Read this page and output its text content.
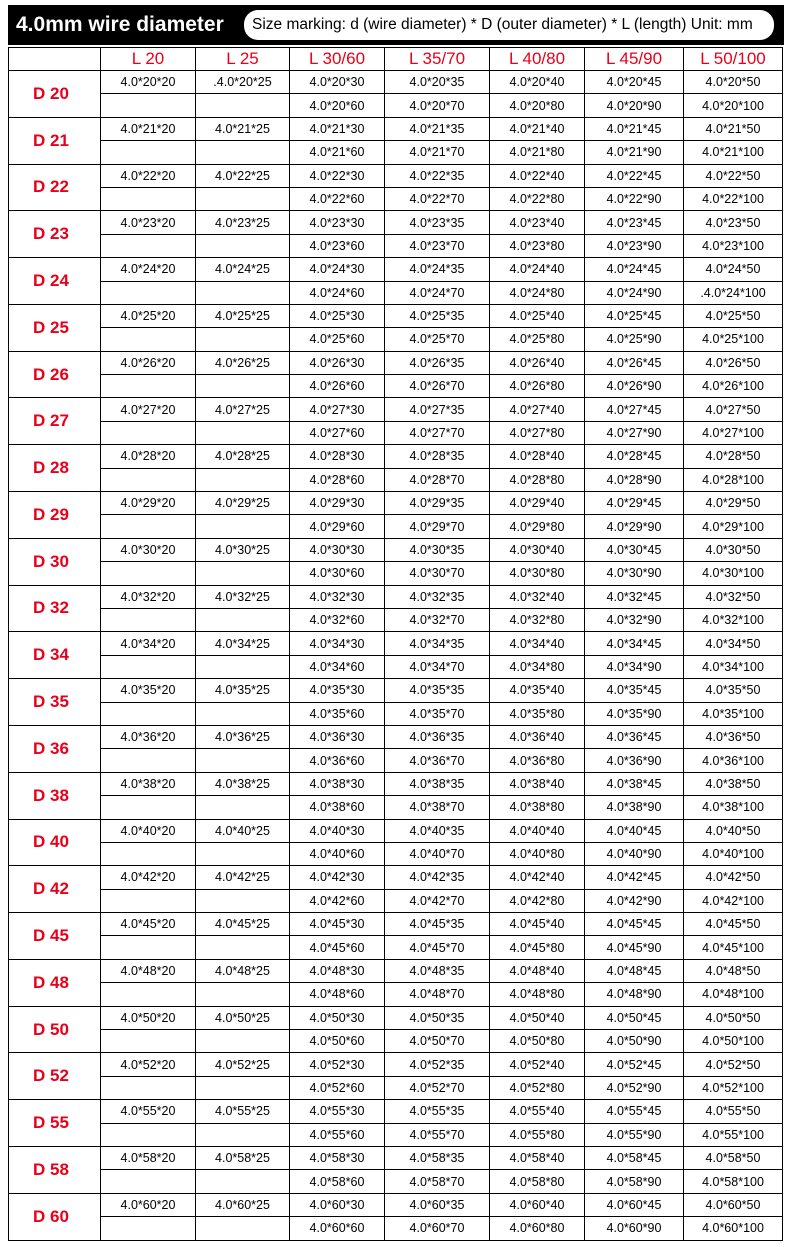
4.0mm wire diameter	Size marking: d (wire diameter) * D (outer diameter) * L (length) Unit: mm
	L 20	L 25	L 30/60	L 35/70	L 40/80	L 45/90	L 50/100
D 20	4.0*20*20	.4.0*20*25	4.0*20*30	4.0*20*35	4.0*20*40	4.0*20*45	4.0*20*50
			4.0*20*60	4.0*20*70	4.0*20*80	4.0*20*90	4.0*20*100
D 21	4.0*21*20	4.0*21*25	4.0*21*30	4.0*21*35	4.0*21*40	4.0*21*45	4.0*21*50
			4.0*21*60	4.0*21*70	4.0*21*80	4.0*21*90	4.0*21*100
D 22	4.0*22*20	4.0*22*25	4.0*22*30	4.0*22*35	4.0*22*40	4.0*22*45	4.0*22*50
			4.0*22*60	4.0*22*70	4.0*22*80	4.0*22*90	4.0*22*100
D 23	4.0*23*20	4.0*23*25	4.0*23*30	4.0*23*35	4.0*23*40	4.0*23*45	4.0*23*50
			4.0*23*60	4.0*23*70	4.0*23*80	4.0*23*90	4.0*23*100
D 24	4.0*24*20	4.0*24*25	4.0*24*30	4.0*24*35	4.0*24*40	4.0*24*45	4.0*24*50
			4.0*24*60	4.0*24*70	4.0*24*80	4.0*24*90	.4.0*24*100
D 25	4.0*25*20	4.0*25*25	4.0*25*30	4.0*25*35	4.0*25*40	4.0*25*45	4.0*25*50
			4.0*25*60	4.0*25*70	4.0*25*80	4.0*25*90	4.0*25*100
D 26	4.0*26*20	4.0*26*25	4.0*26*30	4.0*26*35	4.0*26*40	4.0*26*45	4.0*26*50
			4.0*26*60	4.0*26*70	4.0*26*80	4.0*26*90	4.0*26*100
D 27	4.0*27*20	4.0*27*25	4.0*27*30	4.0*27*35	4.0*27*40	4.0*27*45	4.0*27*50
			4.0*27*60	4.0*27*70	4.0*27*80	4.0*27*90	4.0*27*100
D 28	4.0*28*20	4.0*28*25	4.0*28*30	4.0*28*35	4.0*28*40	4.0*28*45	4.0*28*50
			4.0*28*60	4.0*28*70	4.0*28*80	4.0*28*90	4.0*28*100
D 29	4.0*29*20	4.0*29*25	4.0*29*30	4.0*29*35	4.0*29*40	4.0*29*45	4.0*29*50
			4.0*29*60	4.0*29*70	4.0*29*80	4.0*29*90	4.0*29*100
D 30	4.0*30*20	4.0*30*25	4.0*30*30	4.0*30*35	4.0*30*40	4.0*30*45	4.0*30*50
			4.0*30*60	4.0*30*70	4.0*30*80	4.0*30*90	4.0*30*100
D 32	4.0*32*20	4.0*32*25	4.0*32*30	4.0*32*35	4.0*32*40	4.0*32*45	4.0*32*50
			4.0*32*60	4.0*32*70	4.0*32*80	4.0*32*90	4.0*32*100
D 34	4.0*34*20	4.0*34*25	4.0*34*30	4.0*34*35	4.0*34*40	4.0*34*45	4.0*34*50
			4.0*34*60	4.0*34*70	4.0*34*80	4.0*34*90	4.0*34*100
D 35	4.0*35*20	4.0*35*25	4.0*35*30	4.0*35*35	4.0*35*40	4.0*35*45	4.0*35*50
			4.0*35*60	4.0*35*70	4.0*35*80	4.0*35*90	4.0*35*100
D 36	4.0*36*20	4.0*36*25	4.0*36*30	4.0*36*35	4.0*36*40	4.0*36*45	4.0*36*50
			4.0*36*60	4.0*36*70	4.0*36*80	4.0*36*90	4.0*36*100
D 38	4.0*38*20	4.0*38*25	4.0*38*30	4.0*38*35	4.0*38*40	4.0*38*45	4.0*38*50
			4.0*38*60	4.0*38*70	4.0*38*80	4.0*38*90	4.0*38*100
D 40	4.0*40*20	4.0*40*25	4.0*40*30	4.0*40*35	4.0*40*40	4.0*40*45	4.0*40*50
			4.0*40*60	4.0*40*70	4.0*40*80	4.0*40*90	4.0*40*100
D 42	4.0*42*20	4.0*42*25	4.0*42*30	4.0*42*35	4.0*42*40	4.0*42*45	4.0*42*50
			4.0*42*60	4.0*42*70	4.0*42*80	4.0*42*90	4.0*42*100
D 45	4.0*45*20	4.0*45*25	4.0*45*30	4.0*45*35	4.0*45*40	4.0*45*45	4.0*45*50
			4.0*45*60	4.0*45*70	4.0*45*80	4.0*45*90	4.0*45*100
D 48	4.0*48*20	4.0*48*25	4.0*48*30	4.0*48*35	4.0*48*40	4.0*48*45	4.0*48*50
			4.0*48*60	4.0*48*70	4.0*48*80	4.0*48*90	4.0*48*100
D 50	4.0*50*20	4.0*50*25	4.0*50*30	4.0*50*35	4.0*50*40	4.0*50*45	4.0*50*50
			4.0*50*60	4.0*50*70	4.0*50*80	4.0*50*90	4.0*50*100
D 52	4.0*52*20	4.0*52*25	4.0*52*30	4.0*52*35	4.0*52*40	4.0*52*45	4.0*52*50
			4.0*52*60	4.0*52*70	4.0*52*80	4.0*52*90	4.0*52*100
D 55	4.0*55*20	4.0*55*25	4.0*55*30	4.0*55*35	4.0*55*40	4.0*55*45	4.0*55*50
			4.0*55*60	4.0*55*70	4.0*55*80	4.0*55*90	4.0*55*100
D 58	4.0*58*20	4.0*58*25	4.0*58*30	4.0*58*35	4.0*58*40	4.0*58*45	4.0*58*50
			4.0*58*60	4.0*58*70	4.0*58*80	4.0*58*90	4.0*58*100
D 60	4.0*60*20	4.0*60*25	4.0*60*30	4.0*60*35	4.0*60*40	4.0*60*45	4.0*60*50
			4.0*60*60	4.0*60*70	4.0*60*80	4.0*60*90	4.0*60*100
